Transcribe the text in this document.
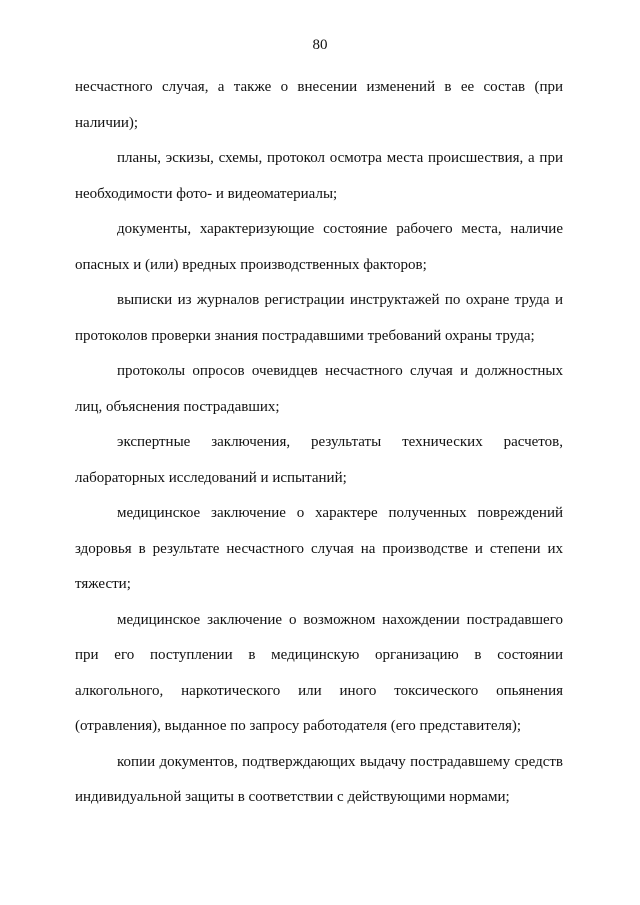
80

несчастного случая, а также о внесении изменений в ее состав (при наличии);

планы, эскизы, схемы, протокол осмотра места происшествия, а при необходимости фото- и видеоматериалы;

документы, характеризующие состояние рабочего места, наличие опасных и (или) вредных производственных факторов;

выписки из журналов регистрации инструктажей по охране труда и протоколов проверки знания пострадавшими требований охраны труда;

протоколы опросов очевидцев несчастного случая и должностных лиц, объяснения пострадавших;

экспертные заключения, результаты технических расчетов, лабораторных исследований и испытаний;

медицинское заключение о характере полученных повреждений здоровья в результате несчастного случая на производстве и степени их тяжести;

медицинское заключение о возможном нахождении пострадавшего при его поступлении в медицинскую организацию в состоянии алкогольного, наркотического или иного токсического опьянения (отравления), выданное по запросу работодателя (его представителя);

копии документов, подтверждающих выдачу пострадавшему средств индивидуальной защиты в соответствии с действующими нормами;
